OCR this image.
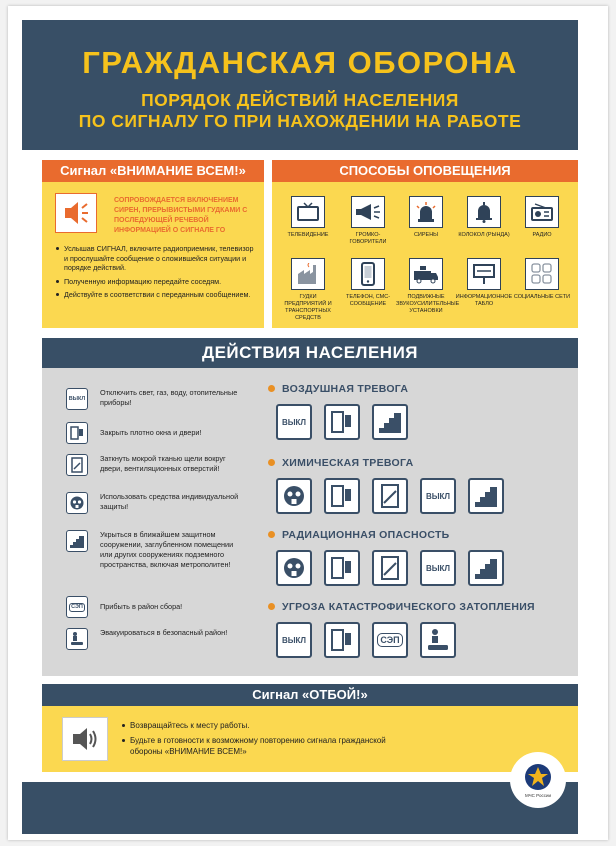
ГРАЖДАНСКАЯ ОБОРОНА
ПОРЯДОК ДЕЙСТВИЙ НАСЕЛЕНИЯ
ПО СИГНАЛУ ГО ПРИ НАХОЖДЕНИИ НА РАБОТЕ
Сигнал «ВНИМАНИЕ ВСЕМ!»
СОПРОВОЖДАЕТСЯ ВКЛЮЧЕНИЕМ СИРЕН, ПРЕРЫВИСТЫМИ ГУДКАМИ С ПОСЛЕДУЮЩЕЙ РЕЧЕВОЙ ИНФОРМАЦИЕЙ О СИГНАЛЕ ГО
Услышав СИГНАЛ, включите радиоприемник, телевизор и прослушайте сообщение о сложившейся ситуации и порядке действий.
Полученную информацию передайте соседям.
Действуйте в соответствии с переданным сообщением.
СПОСОБЫ ОПОВЕЩЕНИЯ
ТЕЛЕВИДЕНИЕ	ГРОМКО-ГОВОРИТЕЛИ
СИРЕНЫ	КОЛОКОЛ (РЫНДА)	РАДИО
ГУДКИ ПРЕДПРИЯТИЙ И ТРАНСПОРТНЫХ СРЕДСТВ
ТЕЛЕФОН, СМС-СООБЩЕНИЕ
ПОДВИЖНЫЕ ЗВУКОУСИЛИТЕЛЬНЫЕ УСТАНОВКИ
ИНФОРМАЦИОННОЕ ТАБЛО
СОЦИАЛЬНЫЕ СЕТИ
ДЕЙСТВИЯ НАСЕЛЕНИЯ
ВЫКЛ
Отключить свет, газ, воду, отопительные приборы!
Закрыть плотно окна и двери!
Заткнуть мокрой тканью щели вокруг двери, вентиляционных отверстий!
Использовать средства индивидуальной защиты!
Укрыться в ближайшем защитном сооружении, заглубленном помещении или других сооружениях подземного пространства, включая метрополитен!
СЭП Прибыть в район сбора!
Эвакуироваться в безопасный район!
ВОЗДУШНАЯ ТРЕВОГА
ВЫКЛ
ХИМИЧЕСКАЯ ТРЕВОГА
ВЫКЛ
РАДИАЦИОННАЯ ОПАСНОСТЬ
ВЫКЛ
УГРОЗА КАТАСТРОФИЧЕСКОГО ЗАТОПЛЕНИЯ
ВЫКЛ	СЭП
Сигнал «ОТБОЙ!»
Возвращайтесь к месту работы.
Будьте в готовности к возможному повторению сигнала гражданской обороны «ВНИМАНИЕ ВСЕМ!»
МЧС России
